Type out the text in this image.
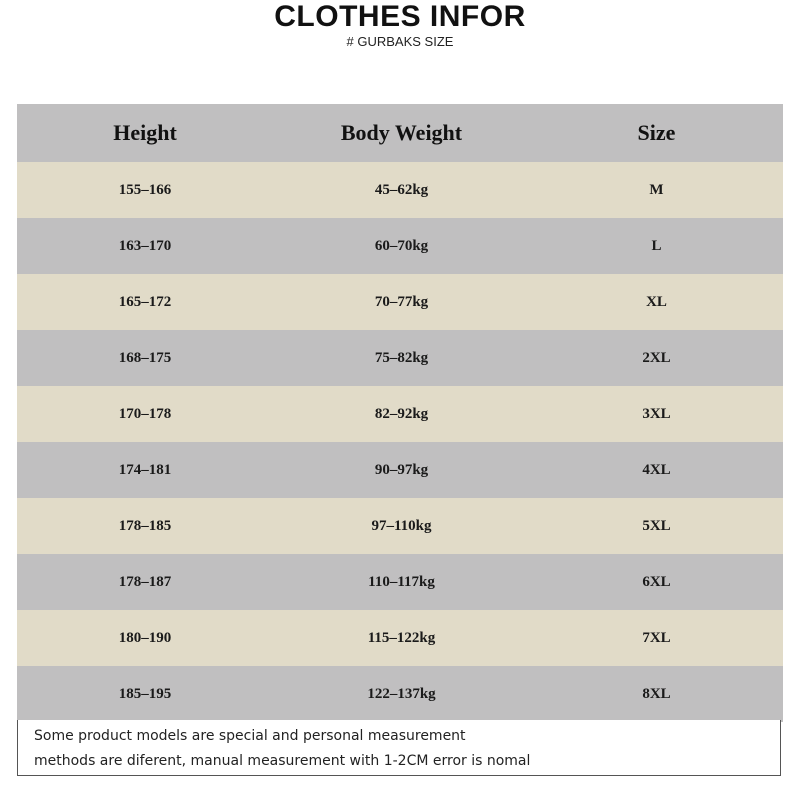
CLOTHES INFOR
# GURBAKS SIZE
Height	Body Weight	Size
155–166	45–62kg	M
163–170	60–70kg	L
165–172	70–77kg	XL
168–175	75–82kg	2XL
170–178	82–92kg	3XL
174–181	90–97kg	4XL
178–185	97–110kg	5XL
178–187	110–117kg	6XL
180–190	115–122kg	7XL
185–195	122–137kg	8XL
Some product models are special and personal measurement
methods are diferent, manual measurement with 1-2CM error is nomal
